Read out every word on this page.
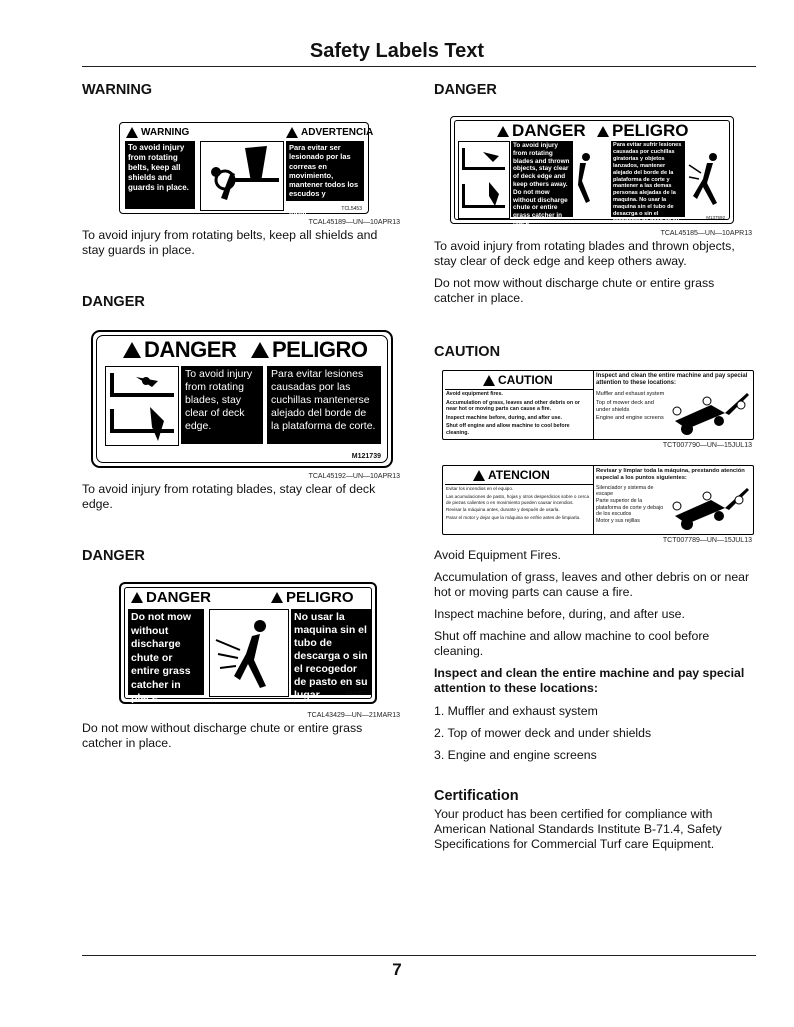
Safety Labels Text

WARNING

WARNING	ADVERTENCIA
To avoid injury from rotating belts, keep all shields and guards in place.
Para evitar ser lesionado por las correas en movimiento, mantener todos los escudos y protectores en su lugar	TCL5453
TCAL45189—UN—10APR13

To avoid injury from rotating belts, keep all shields and stay guards in place.

DANGER

DANGER PELIGRO
To avoid injury from rotating blades, stay clear of deck edge.
Para evitar lesiones causadas por las cuchillas mantenerse alejado del borde de la plataforma de corte.
M121739
TCAL45192—UN—10APR13

To avoid injury from rotating blades, stay clear of deck edge.

DANGER

DANGER	PELIGRO
Do not mow without discharge chute or entire grass catcher in place.
No usar la maquina sin el tubo de descarga o sin el recogedor de pasto en su lugar.	M131871
TCAL43429—UN—21MAR13

Do not mow without discharge chute or entire grass catcher in place.

DANGER

DANGER PELIGRO
To avoid injury from rotating blades and thrown objects, stay clear of deck edge and keep others away. Do not mow without discharge chute or entire grass catcher in place.
Para evitar sufrir lesiones causadas por cuchillas giratorias y objetos lanzados, mantener alejado del borde de la plataforma de corte y mantener a las demas personas alejadas de la maquina. No usar la maquina sin el tubo de desacrga o sin el recogedor de paso en su lugar.
M137592
TCAL45185—UN—10APR13

To avoid injury from rotating blades and thrown objects, stay clear of deck edge and keep others away.

Do not mow without discharge chute or entire grass catcher in place.

CAUTION

CAUTION
Avoid equipment fires.
Accumulation of grass, leaves and other debris on or near hot or moving parts can cause a fire.
Inspect machine before, during, and after use.
Shut off engine and allow machine to cool before cleaning.
Inspect and clean the entire machine and pay special attention to these locations:
Muffler and exhaust system
Top of mower deck and under shields
Engine and engine screens
TCT007790—UN—15JUL13
ATENCION
Evitar los incendios en el equipo.
Las acumulaciones de pasto, hojas y otros desperdicios sobre o cerca de piezas calientes o en movimiento pueden causar incendios.
Revisar la máquina antes, durante y después de usarla.
Parar el motor y dejar que la máquina se enfrie antes de limpiarla.
Revisar y limpiar toda la máquina, prestando atención especial a los puntos siguientes:
Silenciador y sistema de escape
Parte superior de la plataforma de corte y debajo de los escudos
Motor y sus rejillas
TCT007789—UN—15JUL13

Avoid Equipment Fires.

Accumulation of grass, leaves and other debris on or near hot or moving parts can cause a fire.

Inspect machine before, during, and after use.

Shut off machine and allow machine to cool before cleaning.

Inspect and clean the entire machine and pay special attention to these locations:

1. Muffler and exhaust system
2. Top of mower deck and under shields
3. Engine and engine screens

Certification

Your product has been certified for compliance with American National Standards Institute B-71.4, Safety Specifications for Commercial Turf care Equipment.

7
